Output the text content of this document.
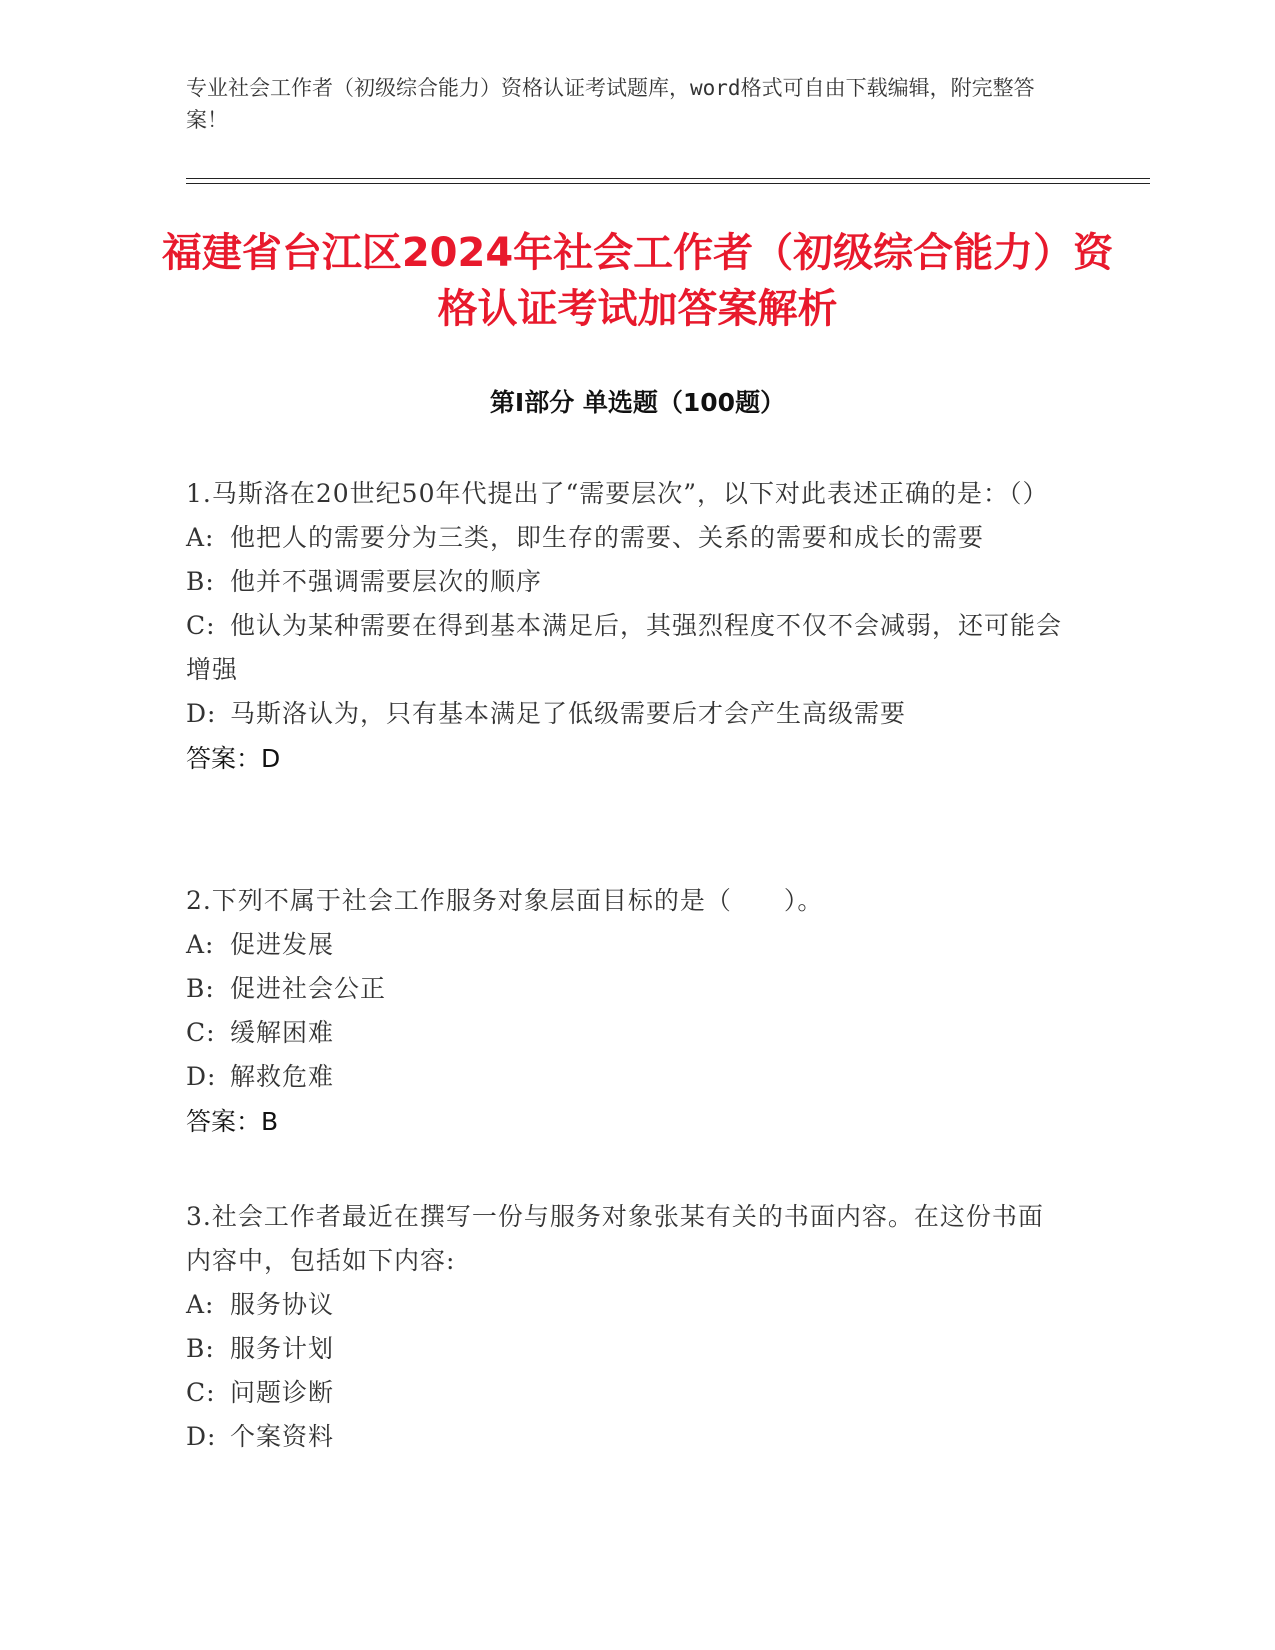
专业社会工作者（初级综合能力）资格认证考试题库，word格式可自由下载编辑，附完整答案！

福建省台江区2024年社会工作者（初级综合能力）资格认证考试加答案解析
第Ⅰ部分 单选题（100题）

1.马斯洛在20世纪50年代提出了“需要层次”，以下对此表述正确的是：（）

A: 他把人的需要分为三类，即生存的需要、关系的需要和成长的需要

B: 他并不强调需要层次的顺序

C: 他认为某种需要在得到基本满足后，其强烈程度不仅不会减弱，还可能会增强

D: 马斯洛认为，只有基本满足了低级需要后才会产生高级需要

答案：D

2.下列不属于社会工作服务对象层面目标的是（　　）。

A: 促进发展

B: 促进社会公正

C: 缓解困难

D: 解救危难

答案：B

3.社会工作者最近在撰写一份与服务对象张某有关的书面内容。在这份书面内容中，包括如下内容:

A: 服务协议

B: 服务计划

C: 问题诊断

D: 个案资料
